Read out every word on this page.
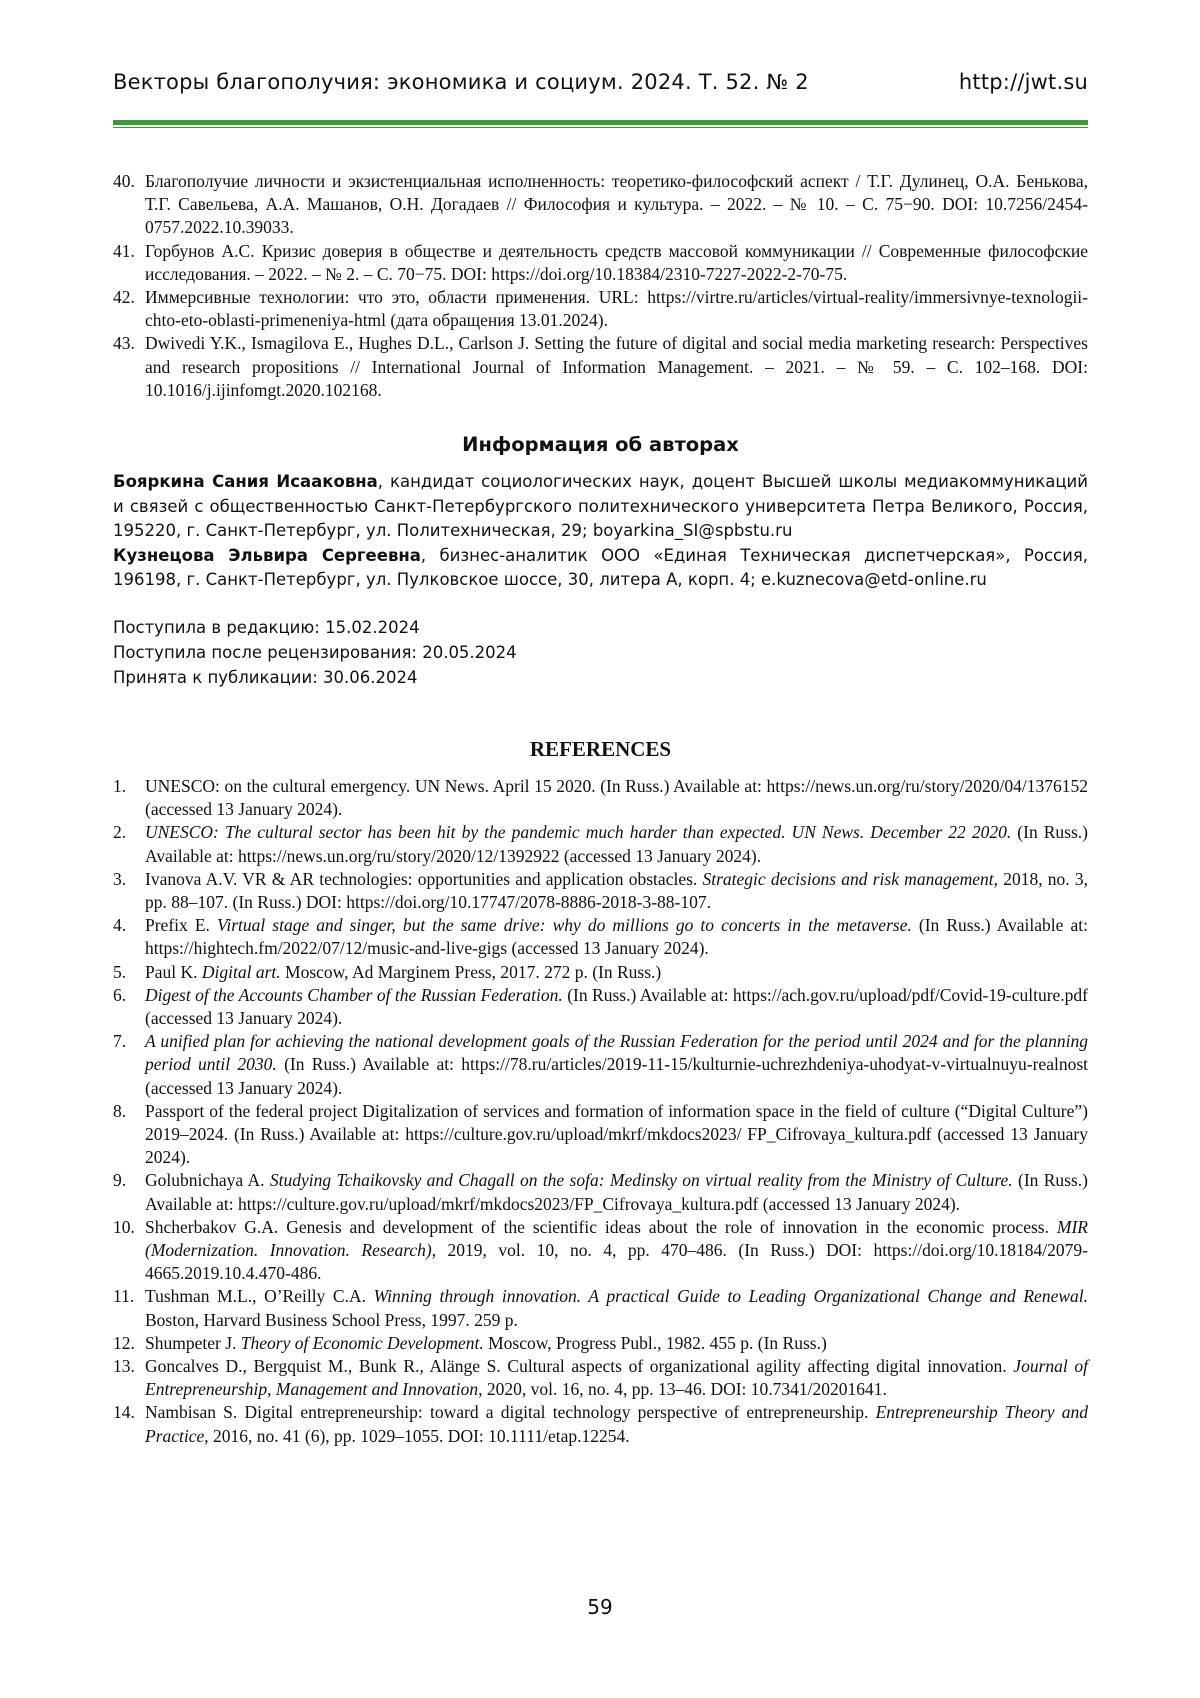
Векторы благополучия: экономика и социум. 2024. Т. 52. № 2	http://jwt.su
40. Благополучие личности и экзистенциальная исполненность: теоретико-философский аспект / Т.Г. Дулинец, О.А. Бенькова, Т.Г. Савельева, А.А. Машанов, О.Н. Догадаев // Философия и культура. – 2022. – № 10. – С. 75−90. DOI: 10.7256/2454-0757.2022.10.39033.
41. Горбунов А.С. Кризис доверия в обществе и деятельность средств массовой коммуникации // Современные философские исследования. – 2022. – № 2. – С. 70−75. DOI: https://doi.org/10.18384/2310-7227-2022-2-70-75.
42. Иммерсивные технологии: что это, области применения. URL: https://virtre.ru/articles/virtual-reality/immersivnye-texnologii-chto-eto-oblasti-primeneniya-html (дата обращения 13.01.2024).
43. Dwivedi Y.K., Ismagilova E., Hughes D.L., Carlson J. Setting the future of digital and social media marketing research: Perspectives and research propositions // International Journal of Information Management. – 2021. – № 59. – С. 102–168. DOI: 10.1016/j.ijinfomgt.2020.102168.
Информация об авторах

Бояркина Сания Исааковна, кандидат социологических наук, доцент Высшей школы медиакоммуникаций и связей с общественностью Санкт-Петербургского политехнического университета Петра Великого, Россия, 195220, г. Санкт-Петербург, ул. Политехническая, 29; boyarkina_SI@spbstu.ru

Кузнецова Эльвира Сергеевна, бизнес-аналитик ООО «Единая Техническая диспетчерская», Россия, 196198, г. Санкт-Петербург, ул. Пулковское шоссе, 30, литера А, корп. 4; e.kuznecova@etd-online.ru

Поступила в редакцию: 15.02.2024
Поступила после рецензирования: 20.05.2024
Принята к публикации: 30.06.2024
REFERENCES
1.	UNESCO: on the cultural emergency. UN News. April 15 2020. (In Russ.) Available at: https://news.un.org/ru/story/2020/04/1376152 (accessed 13 January 2024).
2.	UNESCO: The cultural sector has been hit by the pandemic much harder than expected. UN News. December 22 2020. (In Russ.) Available at: https://news.un.org/ru/story/2020/12/1392922 (accessed 13 January 2024).
3.	Ivanova A.V. VR & AR technologies: opportunities and application obstacles. Strategic decisions and risk management, 2018, no. 3, pp. 88–107. (In Russ.) DOI: https://doi.org/10.17747/2078-8886-2018-3-88-107.
4.	Prefix E. Virtual stage and singer, but the same drive: why do millions go to concerts in the metaverse. (In Russ.) Available at: https://hightech.fm/2022/07/12/music-and-live-gigs (accessed 13 January 2024).
5.	Paul K. Digital art. Moscow, Ad Marginem Press, 2017. 272 p. (In Russ.)
6.	Digest of the Accounts Chamber of the Russian Federation. (In Russ.) Available at: https://ach.gov.ru/upload/pdf/Covid-19-culture.pdf (accessed 13 January 2024).
7.	A unified plan for achieving the national development goals of the Russian Federation for the period until 2024 and for the planning period until 2030. (In Russ.) Available at: https://78.ru/articles/2019-11-15/kulturnie-uchrezhdeniya-uhodyat-v-virtualnuyu-realnost (accessed 13 January 2024).
8.	Passport of the federal project Digitalization of services and formation of information space in the field of culture (“Digital Culture”) 2019–2024. (In Russ.) Available at: https://culture.gov.ru/upload/mkrf/mkdocs2023/ FP_Cifrovaya_kultura.pdf (accessed 13 January 2024).
9.	Golubnichaya A. Studying Tchaikovsky and Chagall on the sofa: Medinsky on virtual reality from the Ministry of Culture. (In Russ.) Available at: https://culture.gov.ru/upload/mkrf/mkdocs2023/FP_Cifrovaya_kultura.pdf (accessed 13 January 2024).
10. Shcherbakov G.A. Genesis and development of the scientific ideas about the role of innovation in the economic process. MIR (Modernization. Innovation. Research), 2019, vol. 10, no. 4, pp. 470–486. (In Russ.) DOI: https://doi.org/10.18184/2079-4665.2019.10.4.470-486.
11. Tushman M.L., O’Reilly C.A. Winning through innovation. A practical Guide to Leading Organizational Change and Renewal. Boston, Harvard Business School Press, 1997. 259 p.
12. Shumpeter J. Theory of Economic Development. Moscow, Progress Publ., 1982. 455 p. (In Russ.)
13. Goncalves D., Bergquist M., Bunk R., Alänge S. Cultural aspects of organizational agility affecting digital innovation. Journal of Entrepreneurship, Management and Innovation, 2020, vol. 16, no. 4, pp. 13–46. DOI: 10.7341/20201641.
14. Nambisan S. Digital entrepreneurship: toward a digital technology perspective of entrepreneurship. Entrepreneurship Theory and Practice, 2016, no. 41 (6), pp. 1029–1055. DOI: 10.1111/etap.12254.
59
